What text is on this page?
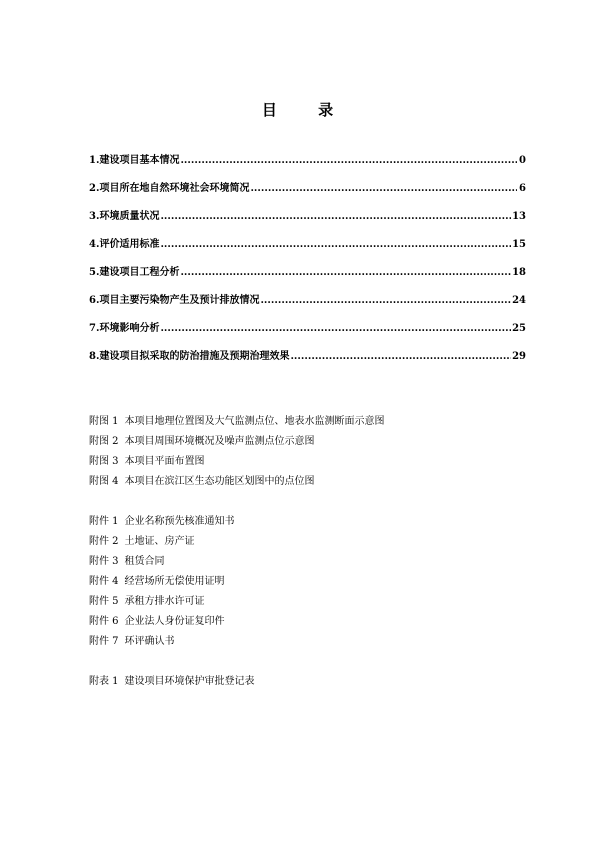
目 录
1.建设项目基本情况 .....	0
2.项目所在地自然环境社会环境简况 .....	6
3.环境质量状况 .....	13
4.评价适用标准 .....	15
5.建设项目工程分析 .....	18
6.项目主要污染物产生及预计排放情况 .....	24
7.环境影响分析 .....	25
8.建设项目拟采取的防治措施及预期治理效果 .....	29
附图 1 本项目地理位置图及大气监测点位、地表水监测断面示意图
附图 2 本项目周围环境概况及噪声监测点位示意图
附图 3 本项目平面布置图
附图 4 本项目在滨江区生态功能区划图中的点位图
附件 1 企业名称预先核准通知书
附件 2 土地证、房产证
附件 3 租赁合同
附件 4 经营场所无偿使用证明
附件 5 承租方排水许可证
附件 6 企业法人身份证复印件
附件 7 环评确认书
附表 1 建设项目环境保护审批登记表
